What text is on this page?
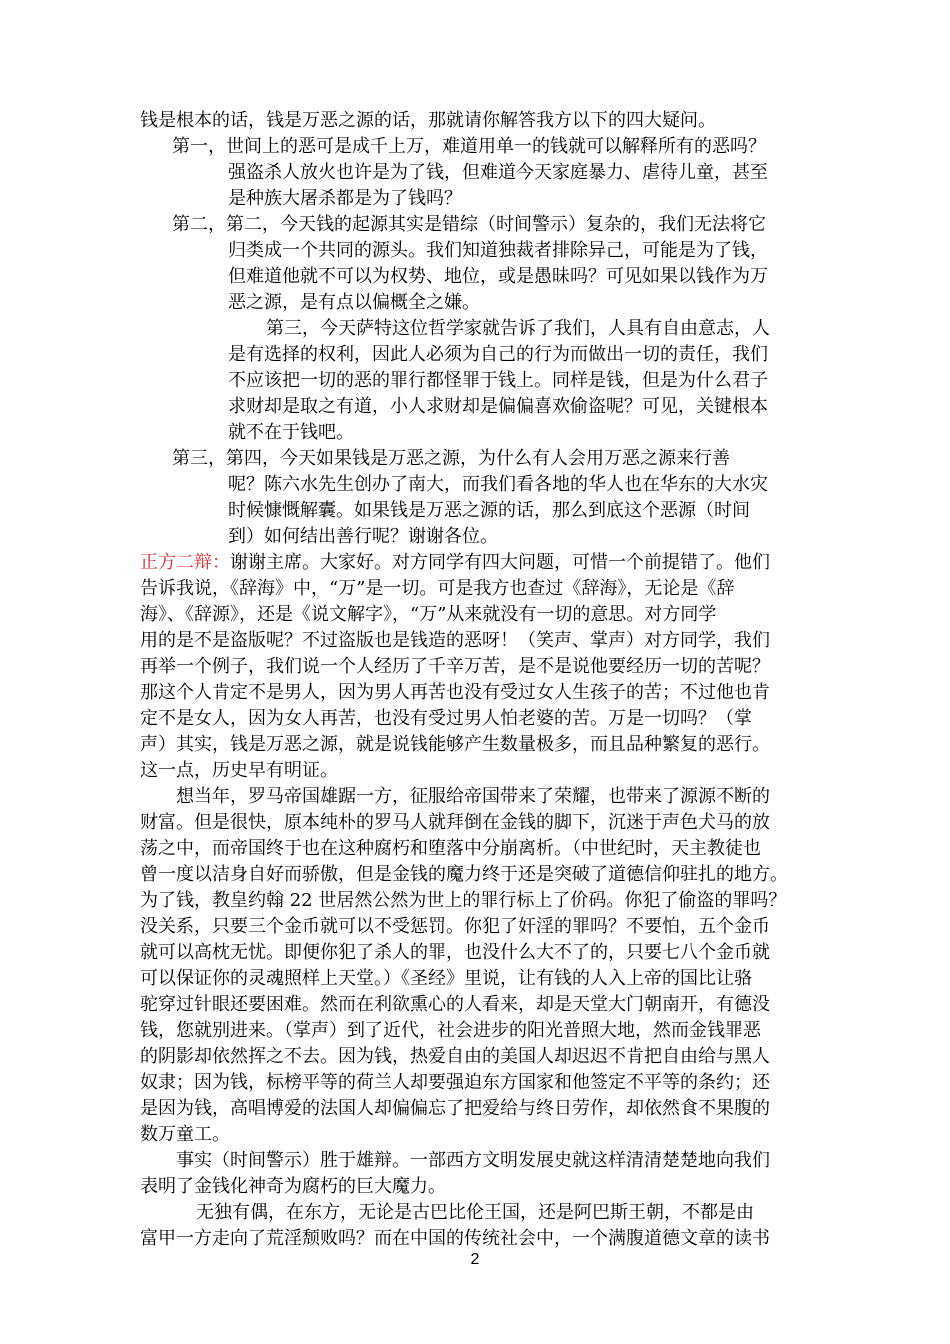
钱是根本的话，钱是万恶之源的话，那就请你解答我方以下的四大疑问。
第一，世间上的恶可是成千上万，难道用单一的钱就可以解释所有的恶吗？
强盗杀人放火也许是为了钱，但难道今天家庭暴力、虐待儿童，甚至
是种族大屠杀都是为了钱吗？
第二，第二，今天钱的起源其实是错综（时间警示）复杂的，我们无法将它
归类成一个共同的源头。我们知道独裁者排除异己，可能是为了钱，
但难道他就不可以为权势、地位，或是愚昧吗？可见如果以钱作为万
恶之源，是有点以偏概全之嫌。
第三，今天萨特这位哲学家就告诉了我们，人具有自由意志，人
是有选择的权利，因此人必须为自己的行为而做出一切的责任，我们
不应该把一切的恶的罪行都怪罪于钱上。同样是钱，但是为什么君子
求财却是取之有道，小人求财却是偏偏喜欢偷盗呢？可见，关键根本
就不在于钱吧。
第三，第四，今天如果钱是万恶之源，为什么有人会用万恶之源来行善
呢？陈六水先生创办了南大，而我们看各地的华人也在华东的大水灾
时候慷慨解囊。如果钱是万恶之源的话，那么到底这个恶源（时间
到）如何结出善行呢？谢谢各位。
正方二辩：谢谢主席。大家好。对方同学有四大问题，可惜一个前提错了。他们
告诉我说，《辞海》中，“万”是一切。可是我方也查过《辞海》，无论是《辞
海》、《辞源》，还是《说文解字》，“万”从来就没有一切的意思。对方同学
用的是不是盗版呢？不过盗版也是钱造的恶呀！（笑声、掌声）对方同学，我们
再举一个例子，我们说一个人经历了千辛万苦，是不是说他要经历一切的苦呢？
那这个人肯定不是男人，因为男人再苦也没有受过女人生孩子的苦；不过他也肯
定不是女人，因为女人再苦，也没有受过男人怕老婆的苦。万是一切吗？（掌
声）其实，钱是万恶之源，就是说钱能够产生数量极多，而且品种繁复的恶行。
这一点，历史早有明证。
想当年，罗马帝国雄踞一方，征服给帝国带来了荣耀，也带来了源源不断的
财富。但是很快，原本纯朴的罗马人就拜倒在金钱的脚下，沉迷于声色犬马的放
荡之中，而帝国终于也在这种腐朽和堕落中分崩离析。（中世纪时，天主教徒也
曾一度以洁身自好而骄傲，但是金钱的魔力终于还是突破了道德信仰驻扎的地方。
为了钱，教皇约翰 22 世居然公然为世上的罪行标上了价码。你犯了偷盗的罪吗？
没关系，只要三个金币就可以不受惩罚。你犯了奸淫的罪吗？不要怕，五个金币
就可以高枕无忧。即便你犯了杀人的罪，也没什么大不了的，只要七八个金币就
可以保证你的灵魂照样上天堂。）《圣经》里说，让有钱的人入上帝的国比让骆
驼穿过针眼还要困难。然而在利欲熏心的人看来，却是天堂大门朝南开，有德没
钱，您就别进来。（掌声）到了近代，社会进步的阳光普照大地，然而金钱罪恶
的阴影却依然挥之不去。因为钱，热爱自由的美国人却迟迟不肯把自由给与黑人
奴隶；因为钱，标榜平等的荷兰人却要强迫东方国家和他签定不平等的条约；还
是因为钱，高唱博爱的法国人却偏偏忘了把爱给与终日劳作，却依然食不果腹的
数万童工。
事实（时间警示）胜于雄辩。一部西方文明发展史就这样清清楚楚地向我们
表明了金钱化神奇为腐朽的巨大魔力。
无独有偶，在东方，无论是古巴比伦王国，还是阿巴斯王朝，不都是由
富甲一方走向了荒淫颓败吗？而在中国的传统社会中，一个满腹道德文章的读书
2
